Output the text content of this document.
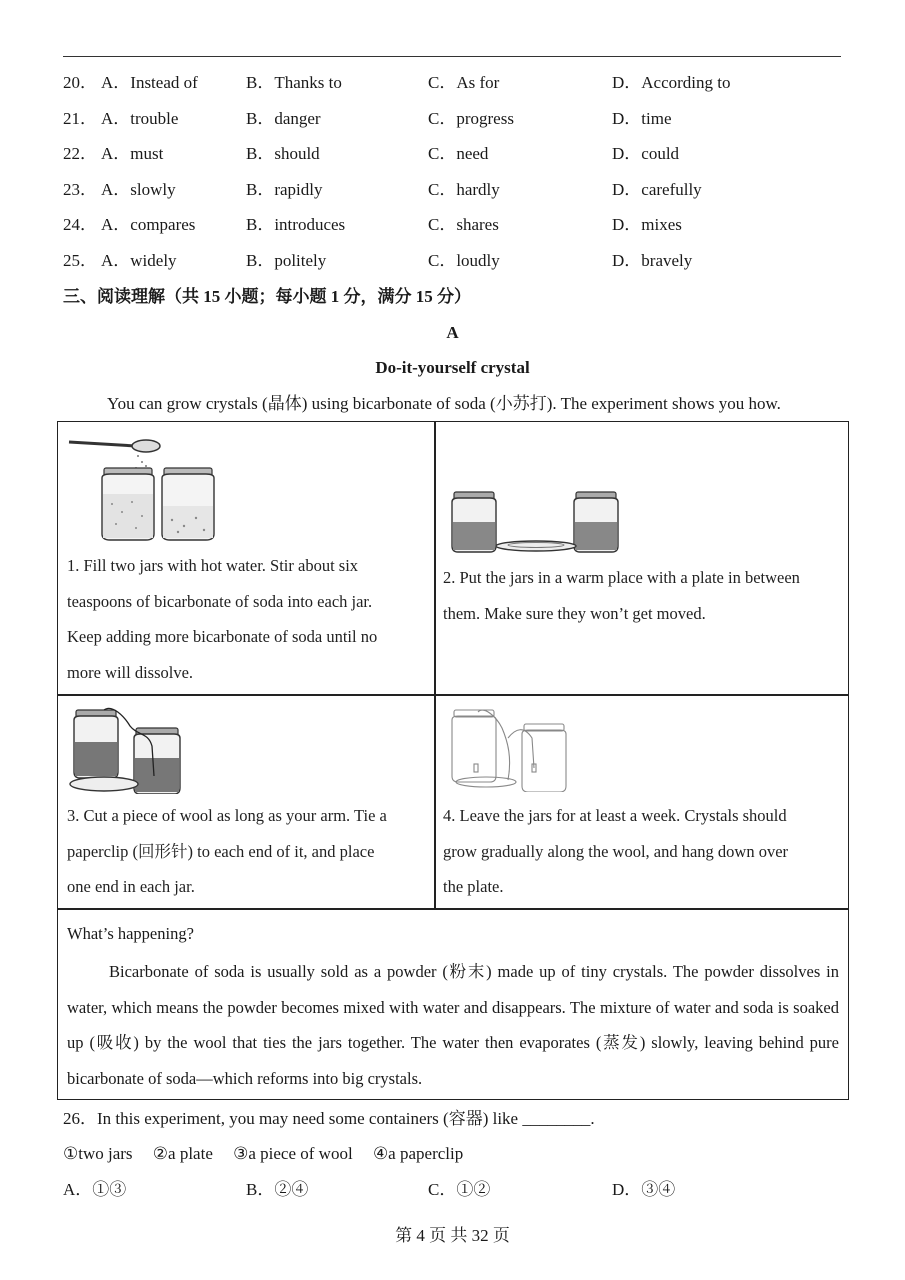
20． A．Instead of	B．Thanks to	C．As for	D．According to
21． A．trouble	B．danger	C．progress	D．time
22． A．must	B．should	C．need	D．could
23． A．slowly	B．rapidly	C．hardly	D．carefully
24． A．compares	B．introduces	C．shares	D．mixes
25． A．widely	B．politely	C．loudly	D．bravely
三、阅读理解（共 15 小题；每小题 1 分，满分 15 分）
A
Do-it-yourself crystal
You can grow crystals (晶体) using bicarbonate of soda (小苏打). The experiment shows you how.
1. Fill two jars with hot water. Stir about six
teaspoons of bicarbonate of soda into each jar.
Keep adding more bicarbonate of soda until no
more will dissolve.
2. Put the jars in a warm place with a plate in between
them. Make sure they won’t get moved.
3. Cut a piece of wool as long as your arm. Tie a
paperclip (回形针) to each end of it, and place
one end in each jar.
4. Leave the jars for at least a week. Crystals should
grow gradually along the wool, and hang down over
the plate.
What’s happening?
Bicarbonate of soda is usually sold as a powder (粉末) made up of tiny crystals. The powder dissolves in water, which means the powder becomes mixed with water and disappears. The mixture of water and soda is soaked up (吸收) by the wool that ties the jars together. The water then evaporates (蒸发) slowly, leaving behind pure bicarbonate of soda—which reforms into big crystals.
26．In this experiment, you may need some containers (容器) like ________.
①two jars ②a plate ③a piece of wool ④a paperclip
A．①③	B．②④	C．①②	D．③④
第 4 页 共 32 页
